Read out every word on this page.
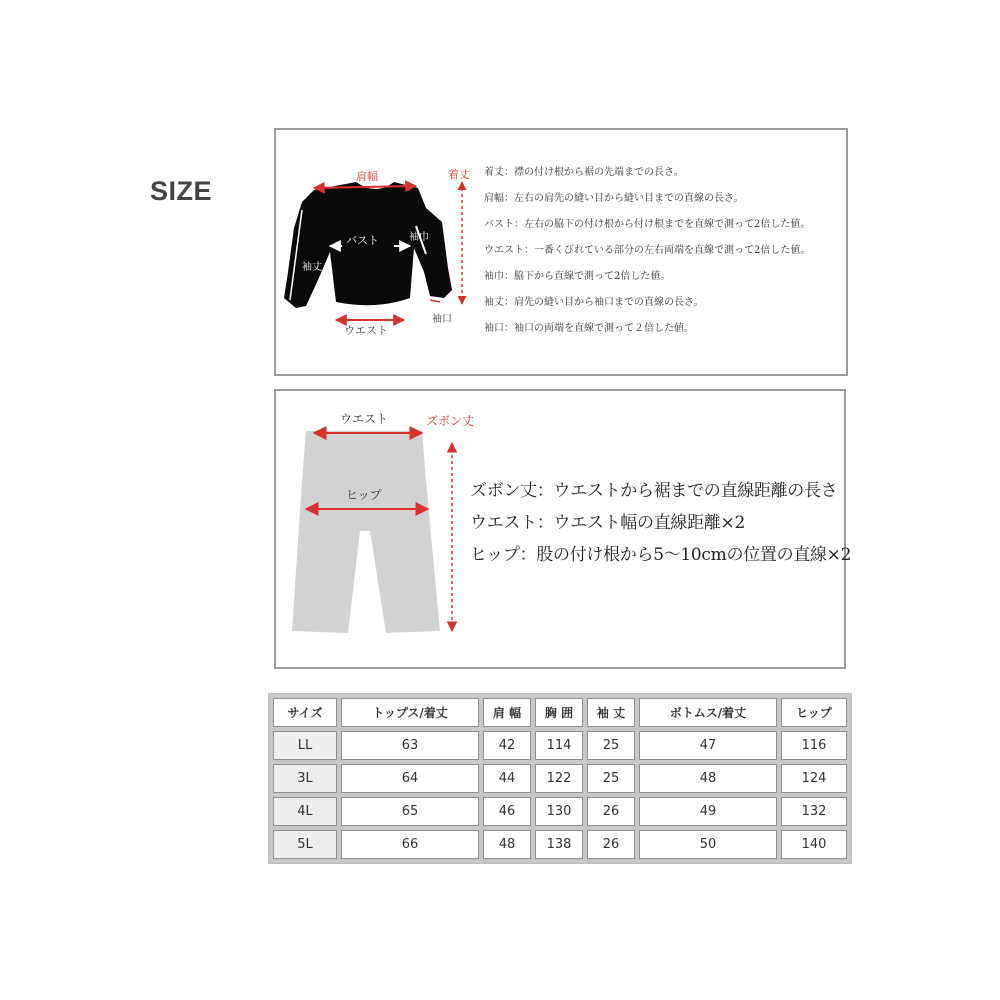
SIZE	肩幅
バスト	袖巾
袖丈
ウエスト
着丈
袖口
着丈：襟の付け根から裾の先端までの長さ。
肩幅：左右の肩先の縫い目から縫い目までの直線の長さ。
バスト：左右の脇下の付け根から付け根までを直線で測って2倍した値。
ウエスト：一番くびれている部分の左右両端を直線で測って2倍した値。
袖巾：脇下から直線で測って2倍した値。
袖丈：肩先の縫い目から袖口までの直線の長さ。
袖口：袖口の両端を直線で測って２倍した値。
ウエスト
ヒップ
ズボン丈
ズボン丈：ウエストから裾までの直線距離の長さ
ウエスト：ウエスト幅の直線距離×2
ヒップ：股の付け根から5〜10cmの位置の直線×2
サイズ	トップス/着丈	肩 幅	胸 囲	袖 丈	ボトムス/着丈	ヒップ
LL	63	42	114	25	47	116
3L	64	44	122	25	48	124
4L	65	46	130	26	49	132
5L	66	48	138	26	50	140
